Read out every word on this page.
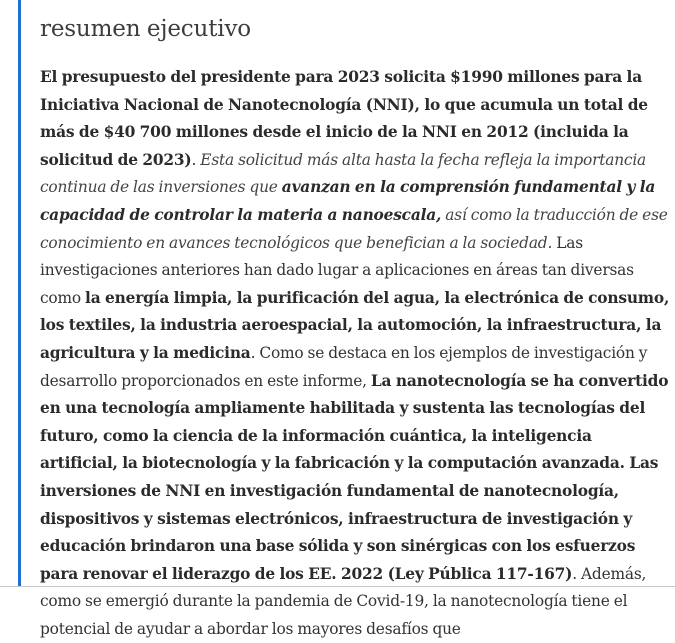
resumen ejecutivo

El presupuesto del presidente para 2023 solicita $1990 millones para la Iniciativa Nacional de Nanotecnología (NNI), lo que acumula un total de más de $40 700 millones desde el inicio de la NNI en 2012 (incluida la solicitud de 2023). Esta solicitud más alta hasta la fecha refleja la importancia continua de las inversiones que avanzan en la comprensión fundamental y la capacidad de controlar la materia a nanoescala, así como la traducción de ese conocimiento en avances tecnológicos que benefician a la sociedad. Las investigaciones anteriores han dado lugar a aplicaciones en áreas tan diversas como la energía limpia, la purificación del agua, la electrónica de consumo, los textiles, la industria aeroespacial, la automoción, la infraestructura, la agricultura y la medicina. Como se destaca en los ejemplos de investigación y desarrollo proporcionados en este informe, La nanotecnología se ha convertido en una tecnología ampliamente habilitada y sustenta las tecnologías del futuro, como la ciencia de la información cuántica, la inteligencia artificial, la biotecnología y la fabricación y la computación avanzada. Las inversiones de NNI en investigación fundamental de nanotecnología, dispositivos y sistemas electrónicos, infraestructura de investigación y educación brindaron una base sólida y son sinérgicas con los esfuerzos para renovar el liderazgo de los EE. 2022 (Ley Pública 117-167). Además, como se emergió durante la pandemia de Covid-19, la nanotecnología tiene el potencial de ayudar a abordar los mayores desafíos que
